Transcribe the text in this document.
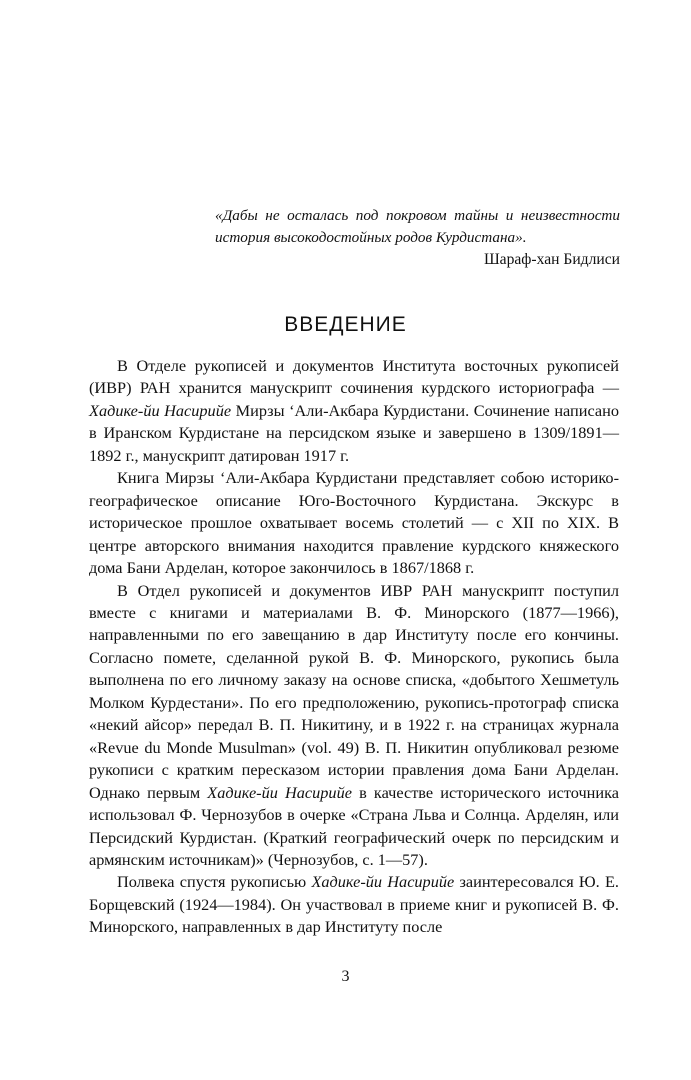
«Дабы не осталась под покровом тайны и неизвестности история высокодостойных родов Курдистана».
Шараф-хан Бидлиси
ВВЕДЕНИЕ

В Отделе рукописей и документов Института восточных рукописей (ИВР) РАН хранится манускрипт сочинения курдского историографа — Хадике-йи Насирийе Мирзы ‘Али-Акбара Курдистани. Сочинение написано в Иранском Курдистане на персидском языке и завершено в 1309/1891—1892 г., манускрипт датирован 1917 г.

Книга Мирзы ‘Али-Акбара Курдистани представляет собою историко-географическое описание Юго-Восточного Курдистана. Экскурс в историческое прошлое охватывает восемь столетий — с XII по XIX. В центре авторского внимания находится правление курдского княжеского дома Бани Арделан, которое закончилось в 1867/1868 г.

В Отдел рукописей и документов ИВР РАН манускрипт поступил вместе с книгами и материалами В. Ф. Минорского (1877—1966), направленными по его завещанию в дар Институту после его кончины. Согласно помете, сделанной рукой В. Ф. Минорского, рукопись была выполнена по его личному заказу на основе списка, «добытого Хешметуль Молком Курдестани». По его предположению, рукопись-протограф списка «некий айсор» передал В. П. Никитину, и в 1922 г. на страницах журнала «Revue du Monde Musulman» (vol. 49) В. П. Никитин опубликовал резюме рукописи с кратким пересказом истории правления дома Бани Арделан. Однако первым Хадике-йи Насирийе в качестве исторического источника использовал Ф. Чернозубов в очерке «Страна Льва и Солнца. Арделян, или Персидский Курдистан. (Краткий географический очерк по персидским и армянским источникам)» (Чернозубов, с. 1—57).

Полвека спустя рукописью Хадике-йи Насирийе заинтересовался Ю. Е. Борщевский (1924—1984). Он участвовал в приеме книг и рукописей В. Ф. Минорского, направленных в дар Институту после

3
